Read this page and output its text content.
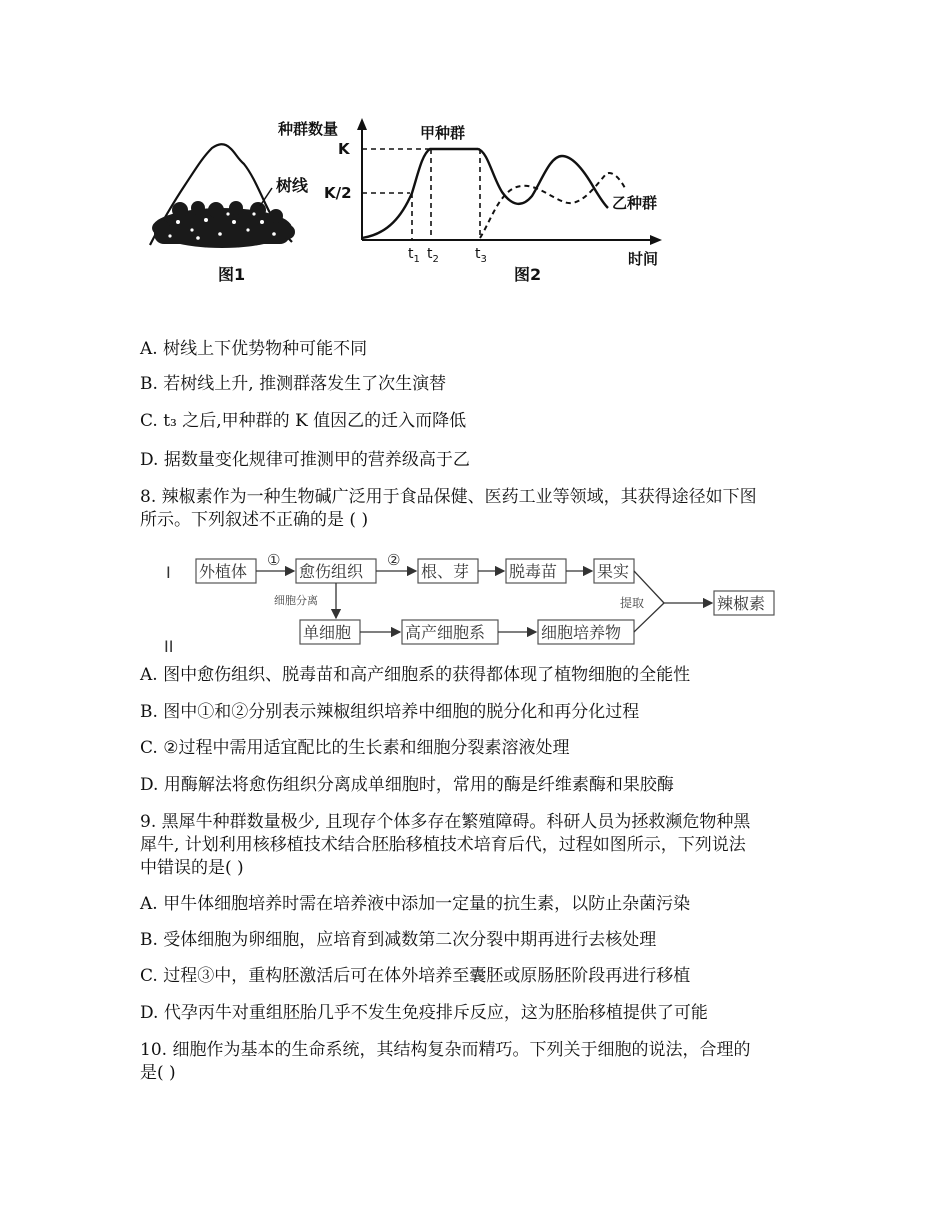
树线
图1
种群数量
时间
K
K/2
甲种群
乙种群
$t_1$ $t_2$	$t_3$
图2
A. 树线上下优势物种可能不同
B. 若树线上升, 推测群落发生了次生演替
C. t₃ 之后,甲种群的 K 值因乙的迁入而降低
D. 据数量变化规律可推测甲的营养级高于乙
8. 辣椒素作为一种生物碱广泛用于食品保健、医药工业等领域，其获得途径如下图
所示。下列叙述不正确的是 ( )
I
II
外植体	愈伤组织	根、芽 脱毒苗 果实
辣椒素
单细胞	高产细胞系	细胞培养物
①	②
细胞分离	提取
A. 图中愈伤组织、脱毒苗和高产细胞系的获得都体现了植物细胞的全能性
B. 图中①和②分别表示辣椒组织培养中细胞的脱分化和再分化过程
C. ②过程中需用适宜配比的生长素和细胞分裂素溶液处理
D. 用酶解法将愈伤组织分离成单细胞时，常用的酶是纤维素酶和果胶酶
9. 黑犀牛种群数量极少, 且现存个体多存在繁殖障碍。科研人员为拯救濒危物种黑
犀牛, 计划利用核移植技术结合胚胎移植技术培育后代，过程如图所示，下列说法
中错误的是( )
A. 甲牛体细胞培养时需在培养液中添加一定量的抗生素，以防止杂菌污染
B. 受体细胞为卵细胞，应培育到减数第二次分裂中期再进行去核处理
C. 过程③中，重构胚激活后可在体外培养至囊胚或原肠胚阶段再进行移植
D. 代孕丙牛对重组胚胎几乎不发生免疫排斥反应，这为胚胎移植提供了可能
10. 细胞作为基本的生命系统，其结构复杂而精巧。下列关于细胞的说法，合理的
是( )
